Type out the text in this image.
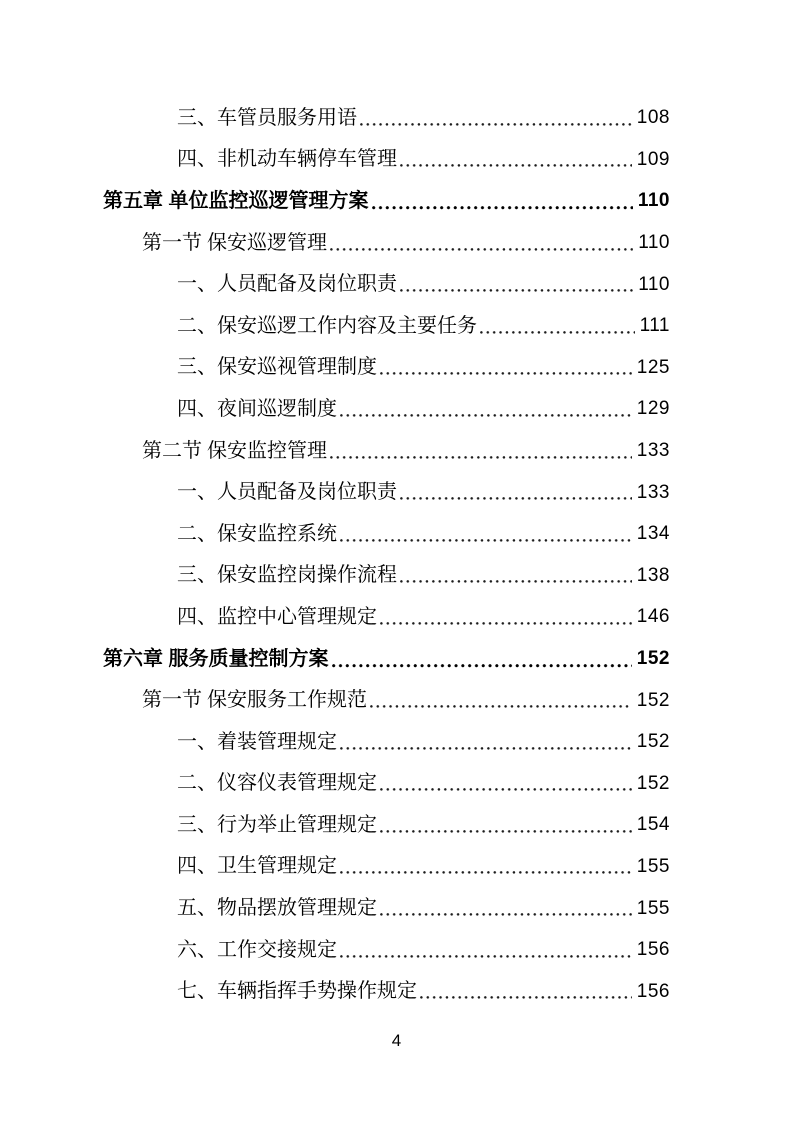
三、车管员服务用语	108
四、非机动车辆停车管理	109
第五章 单位监控巡逻管理方案	110
第一节 保安巡逻管理	110
一、人员配备及岗位职责	110
二、保安巡逻工作内容及主要任务	111
三、保安巡视管理制度	125
四、夜间巡逻制度	129
第二节 保安监控管理	133
一、人员配备及岗位职责	133
二、保安监控系统	134
三、保安监控岗操作流程	138
四、监控中心管理规定	146
第六章 服务质量控制方案	152
第一节 保安服务工作规范	152
一、着装管理规定	152
二、仪容仪表管理规定	152
三、行为举止管理规定	154
四、卫生管理规定	155
五、物品摆放管理规定	155
六、工作交接规定	156
七、车辆指挥手势操作规定	156
4
